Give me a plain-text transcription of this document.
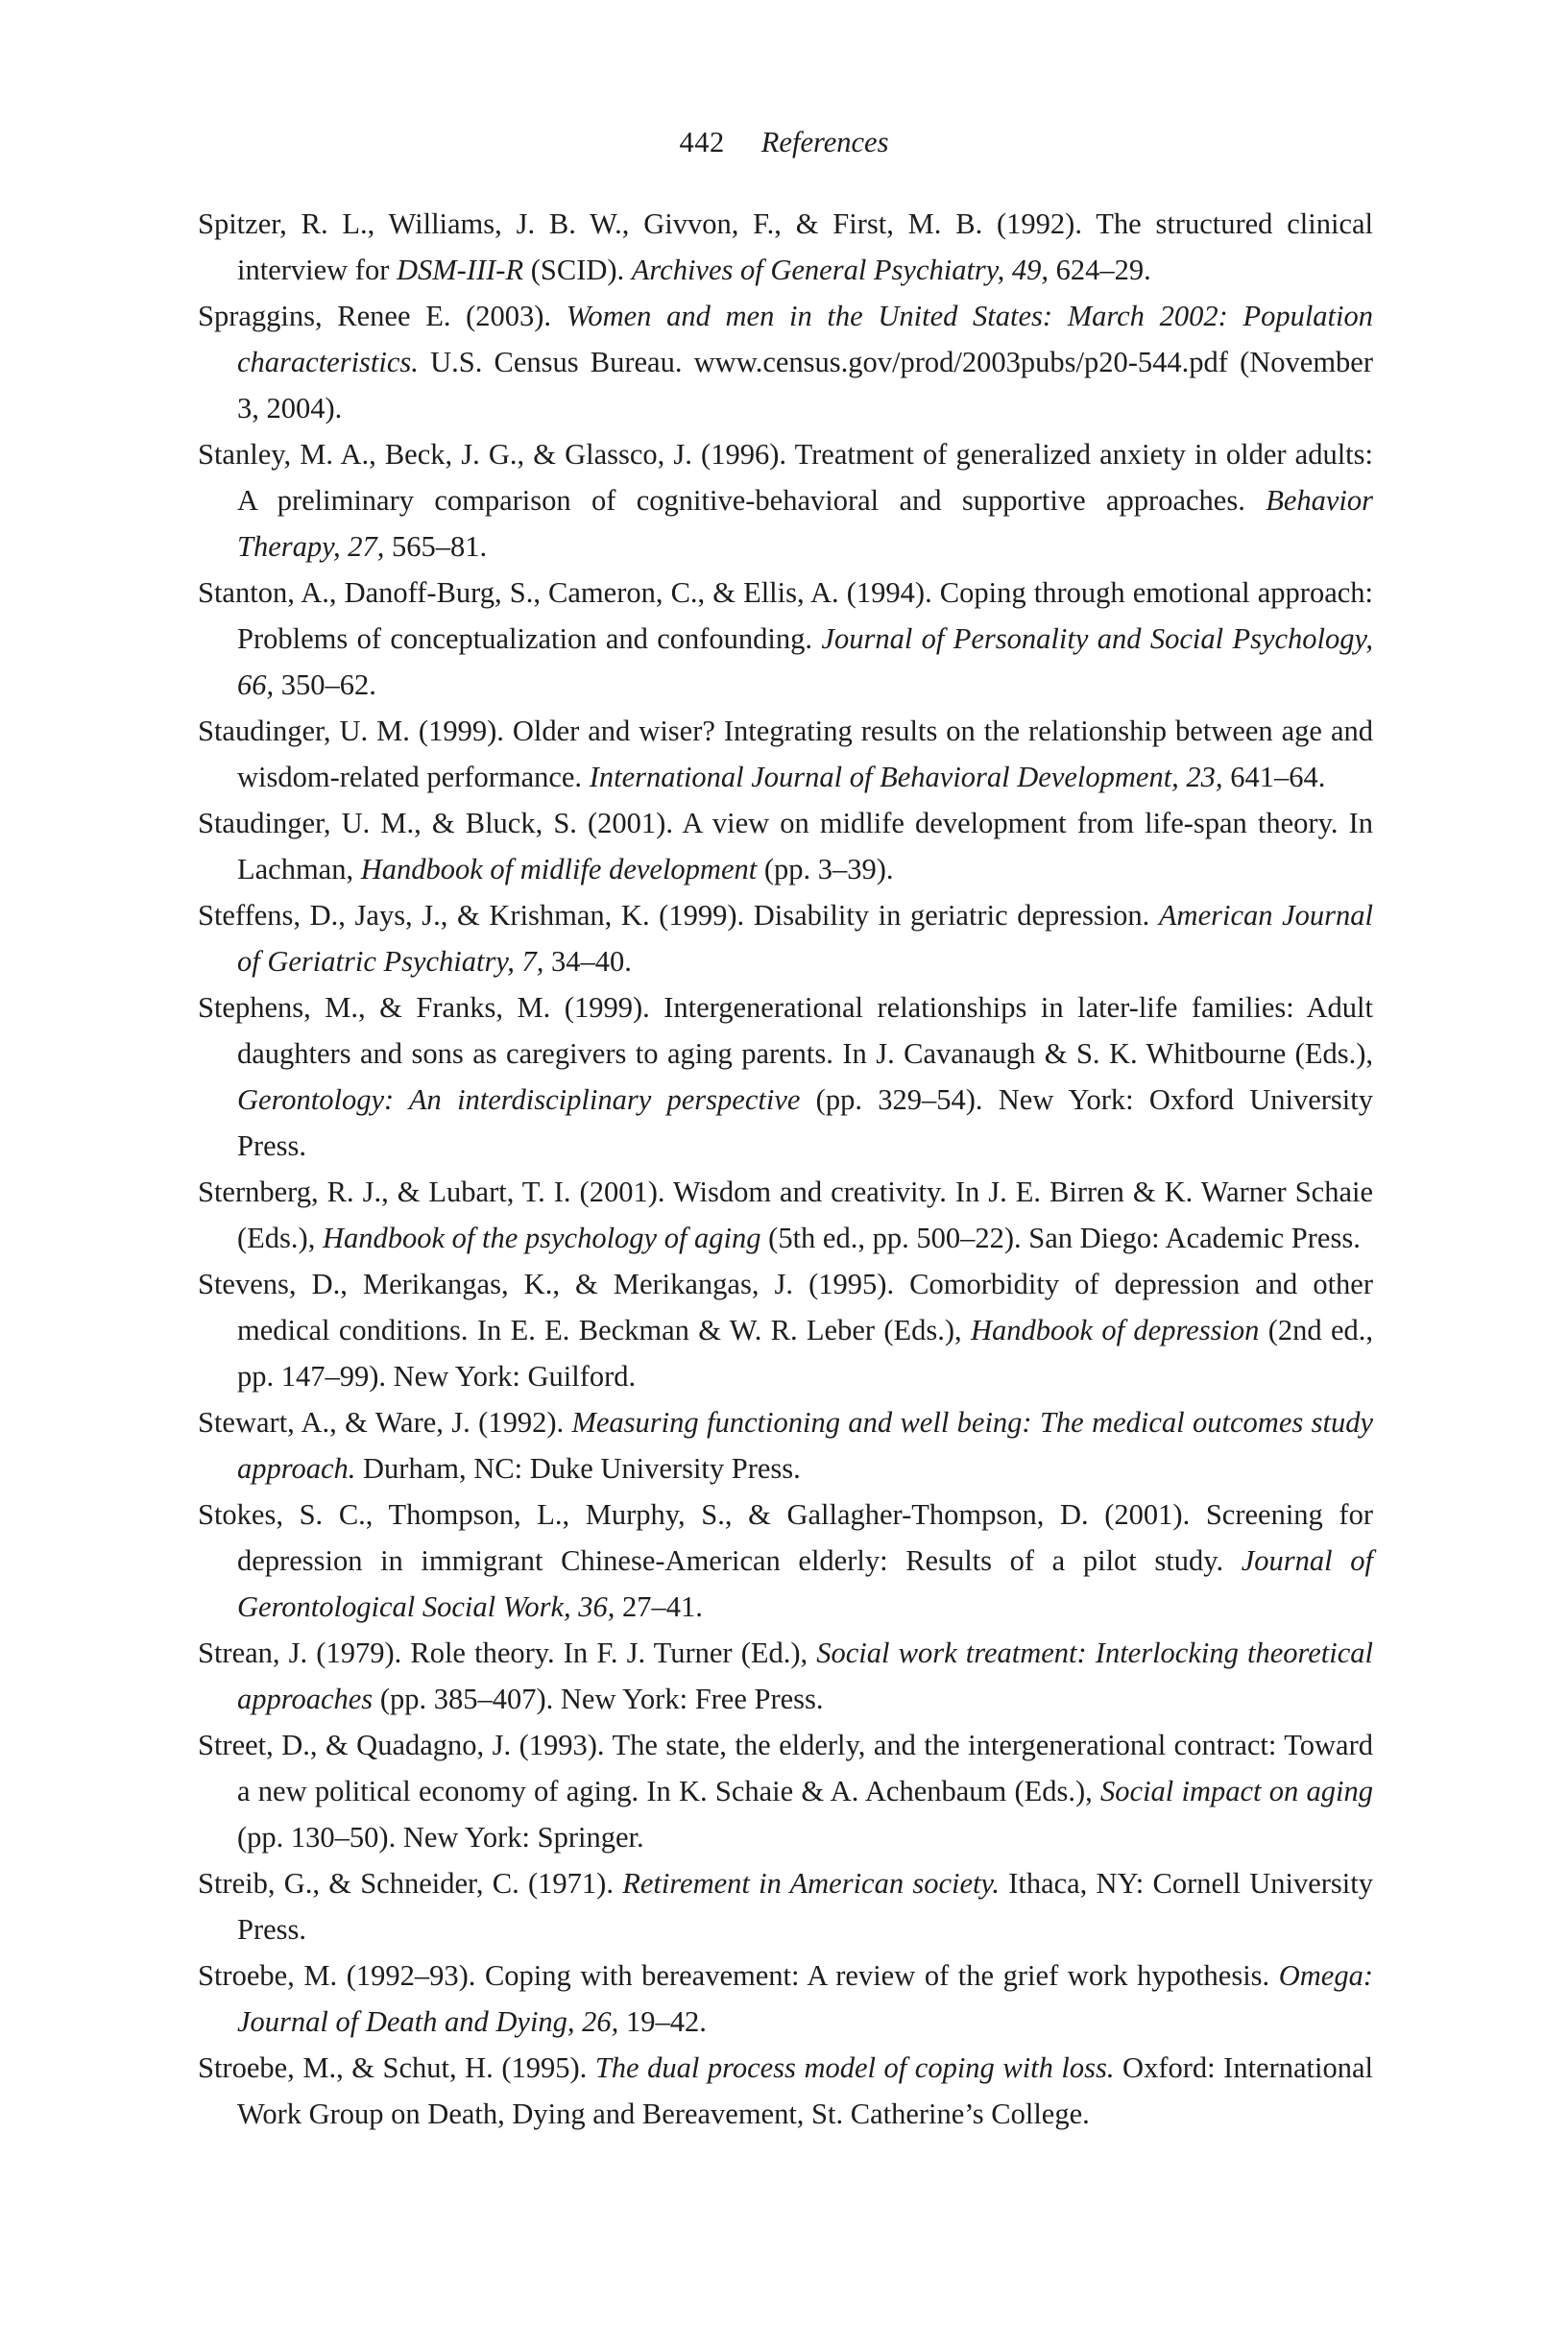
442 References

Spitzer, R. L., Williams, J. B. W., Givvon, F., & First, M. B. (1992). The structured clinical interview for DSM-III-R (SCID). Archives of General Psychiatry, 49, 624–29.

Spraggins, Renee E. (2003). Women and men in the United States: March 2002: Population characteristics. U.S. Census Bureau. www.census.gov/prod/2003pubs/p20-544.pdf (November 3, 2004).

Stanley, M. A., Beck, J. G., & Glassco, J. (1996). Treatment of generalized anxiety in older adults: A preliminary comparison of cognitive-behavioral and supportive approaches. Behavior Therapy, 27, 565–81.

Stanton, A., Danoff-Burg, S., Cameron, C., & Ellis, A. (1994). Coping through emotional approach: Problems of conceptualization and confounding. Journal of Personality and Social Psychology, 66, 350–62.

Staudinger, U. M. (1999). Older and wiser? Integrating results on the relationship between age and wisdom-related performance. International Journal of Behavioral Development, 23, 641–64.

Staudinger, U. M., & Bluck, S. (2001). A view on midlife development from life-span theory. In Lachman, Handbook of midlife development (pp. 3–39).

Steffens, D., Jays, J., & Krishman, K. (1999). Disability in geriatric depression. American Journal of Geriatric Psychiatry, 7, 34–40.

Stephens, M., & Franks, M. (1999). Intergenerational relationships in later-life families: Adult daughters and sons as caregivers to aging parents. In J. Cavanaugh & S. K. Whitbourne (Eds.), Gerontology: An interdisciplinary perspective (pp. 329–54). New York: Oxford University Press.

Sternberg, R. J., & Lubart, T. I. (2001). Wisdom and creativity. In J. E. Birren & K. Warner Schaie (Eds.), Handbook of the psychology of aging (5th ed., pp. 500–22). San Diego: Academic Press.

Stevens, D., Merikangas, K., & Merikangas, J. (1995). Comorbidity of depression and other medical conditions. In E. E. Beckman & W. R. Leber (Eds.), Handbook of depression (2nd ed., pp. 147–99). New York: Guilford.

Stewart, A., & Ware, J. (1992). Measuring functioning and well being: The medical outcomes study approach. Durham, NC: Duke University Press.

Stokes, S. C., Thompson, L., Murphy, S., & Gallagher-Thompson, D. (2001). Screening for depression in immigrant Chinese-American elderly: Results of a pilot study. Journal of Gerontological Social Work, 36, 27–41.

Strean, J. (1979). Role theory. In F. J. Turner (Ed.), Social work treatment: Interlocking theoretical approaches (pp. 385–407). New York: Free Press.

Street, D., & Quadagno, J. (1993). The state, the elderly, and the intergenerational contract: Toward a new political economy of aging. In K. Schaie & A. Achenbaum (Eds.), Social impact on aging (pp. 130–50). New York: Springer.

Streib, G., & Schneider, C. (1971). Retirement in American society. Ithaca, NY: Cornell University Press.

Stroebe, M. (1992–93). Coping with bereavement: A review of the grief work hypothesis. Omega: Journal of Death and Dying, 26, 19–42.

Stroebe, M., & Schut, H. (1995). The dual process model of coping with loss. Oxford: International Work Group on Death, Dying and Bereavement, St. Catherine’s College.
